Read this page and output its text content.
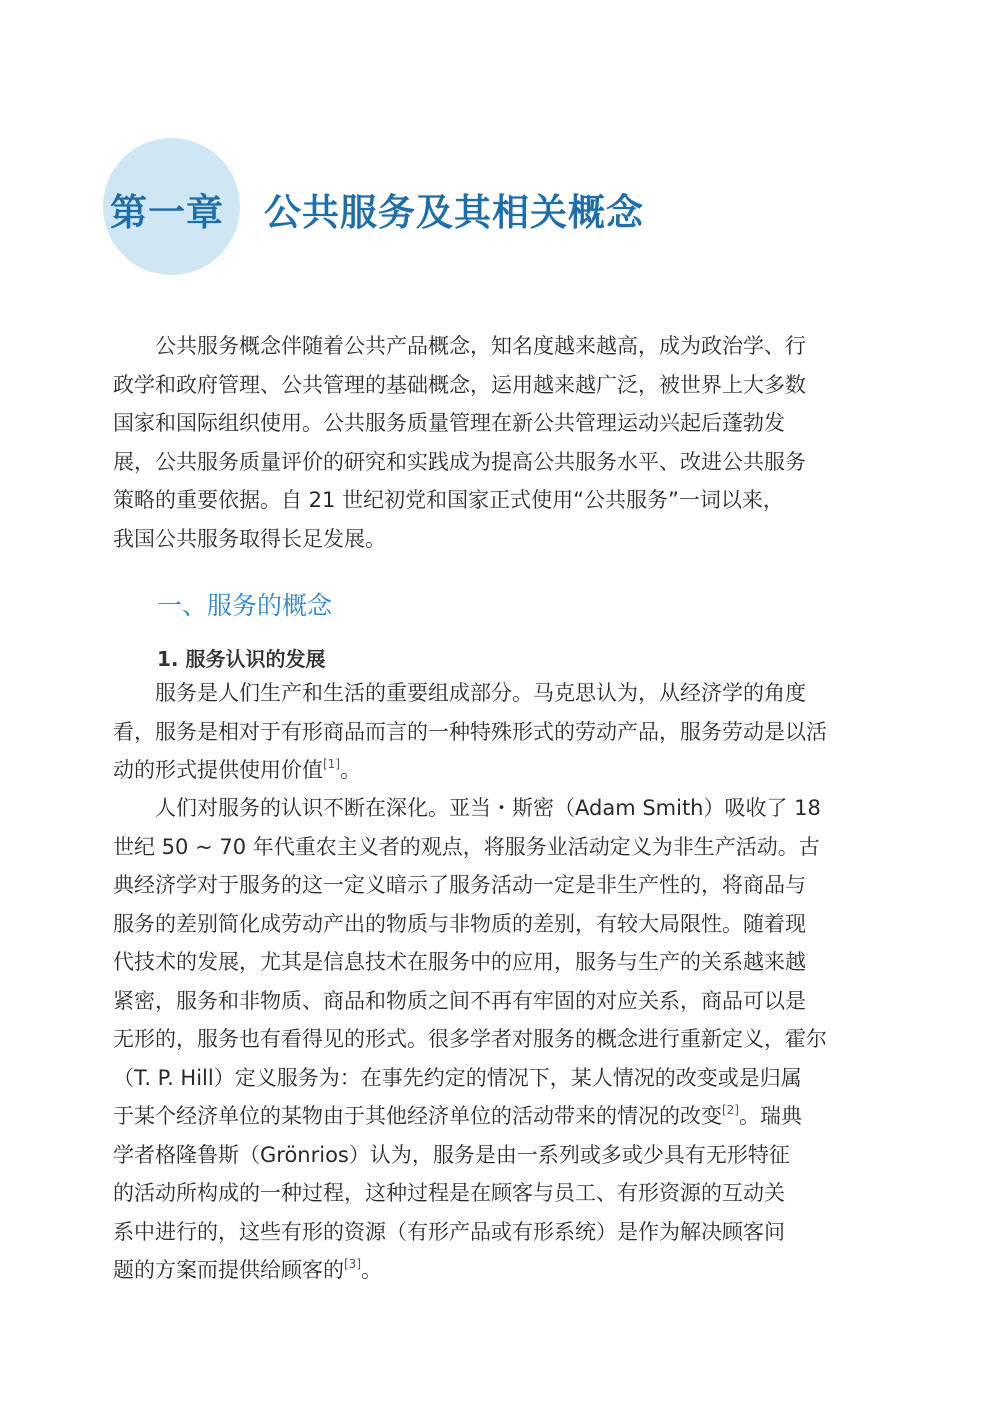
第一章 公共服务及其相关概念
公共服务概念伴随着公共产品概念，知名度越来越高，成为政治学、行
政学和政府管理、公共管理的基础概念，运用越来越广泛，被世界上大多数
国家和国际组织使用。公共服务质量管理在新公共管理运动兴起后蓬勃发
展，公共服务质量评价的研究和实践成为提高公共服务水平、改进公共服务
策略的重要依据。自 21 世纪初党和国家正式使用“公共服务”一词以来，
我国公共服务取得长足发展。
一、服务的概念
1. 服务认识的发展
服务是人们生产和生活的重要组成部分。马克思认为，从经济学的角度
看，服务是相对于有形商品而言的一种特殊形式的劳动产品，服务劳动是以活
动的形式提供使用价值[1]。
人们对服务的认识不断在深化。亚当・斯密（Adam Smith）吸收了 18
世纪 50 ~ 70 年代重农主义者的观点，将服务业活动定义为非生产活动。古
典经济学对于服务的这一定义暗示了服务活动一定是非生产性的，将商品与
服务的差别简化成劳动产出的物质与非物质的差别，有较大局限性。随着现
代技术的发展，尤其是信息技术在服务中的应用，服务与生产的关系越来越
紧密，服务和非物质、商品和物质之间不再有牢固的对应关系，商品可以是
无形的，服务也有看得见的形式。很多学者对服务的概念进行重新定义，霍尔
（T. P. Hill）定义服务为：在事先约定的情况下，某人情况的改变或是归属
于某个经济单位的某物由于其他经济单位的活动带来的情况的改变[2]。瑞典
学者格隆鲁斯（Grönrios）认为，服务是由一系列或多或少具有无形特征
的活动所构成的一种过程，这种过程是在顾客与员工、有形资源的互动关
系中进行的，这些有形的资源（有形产品或有形系统）是作为解决顾客问
题的方案而提供给顾客的[3]。
